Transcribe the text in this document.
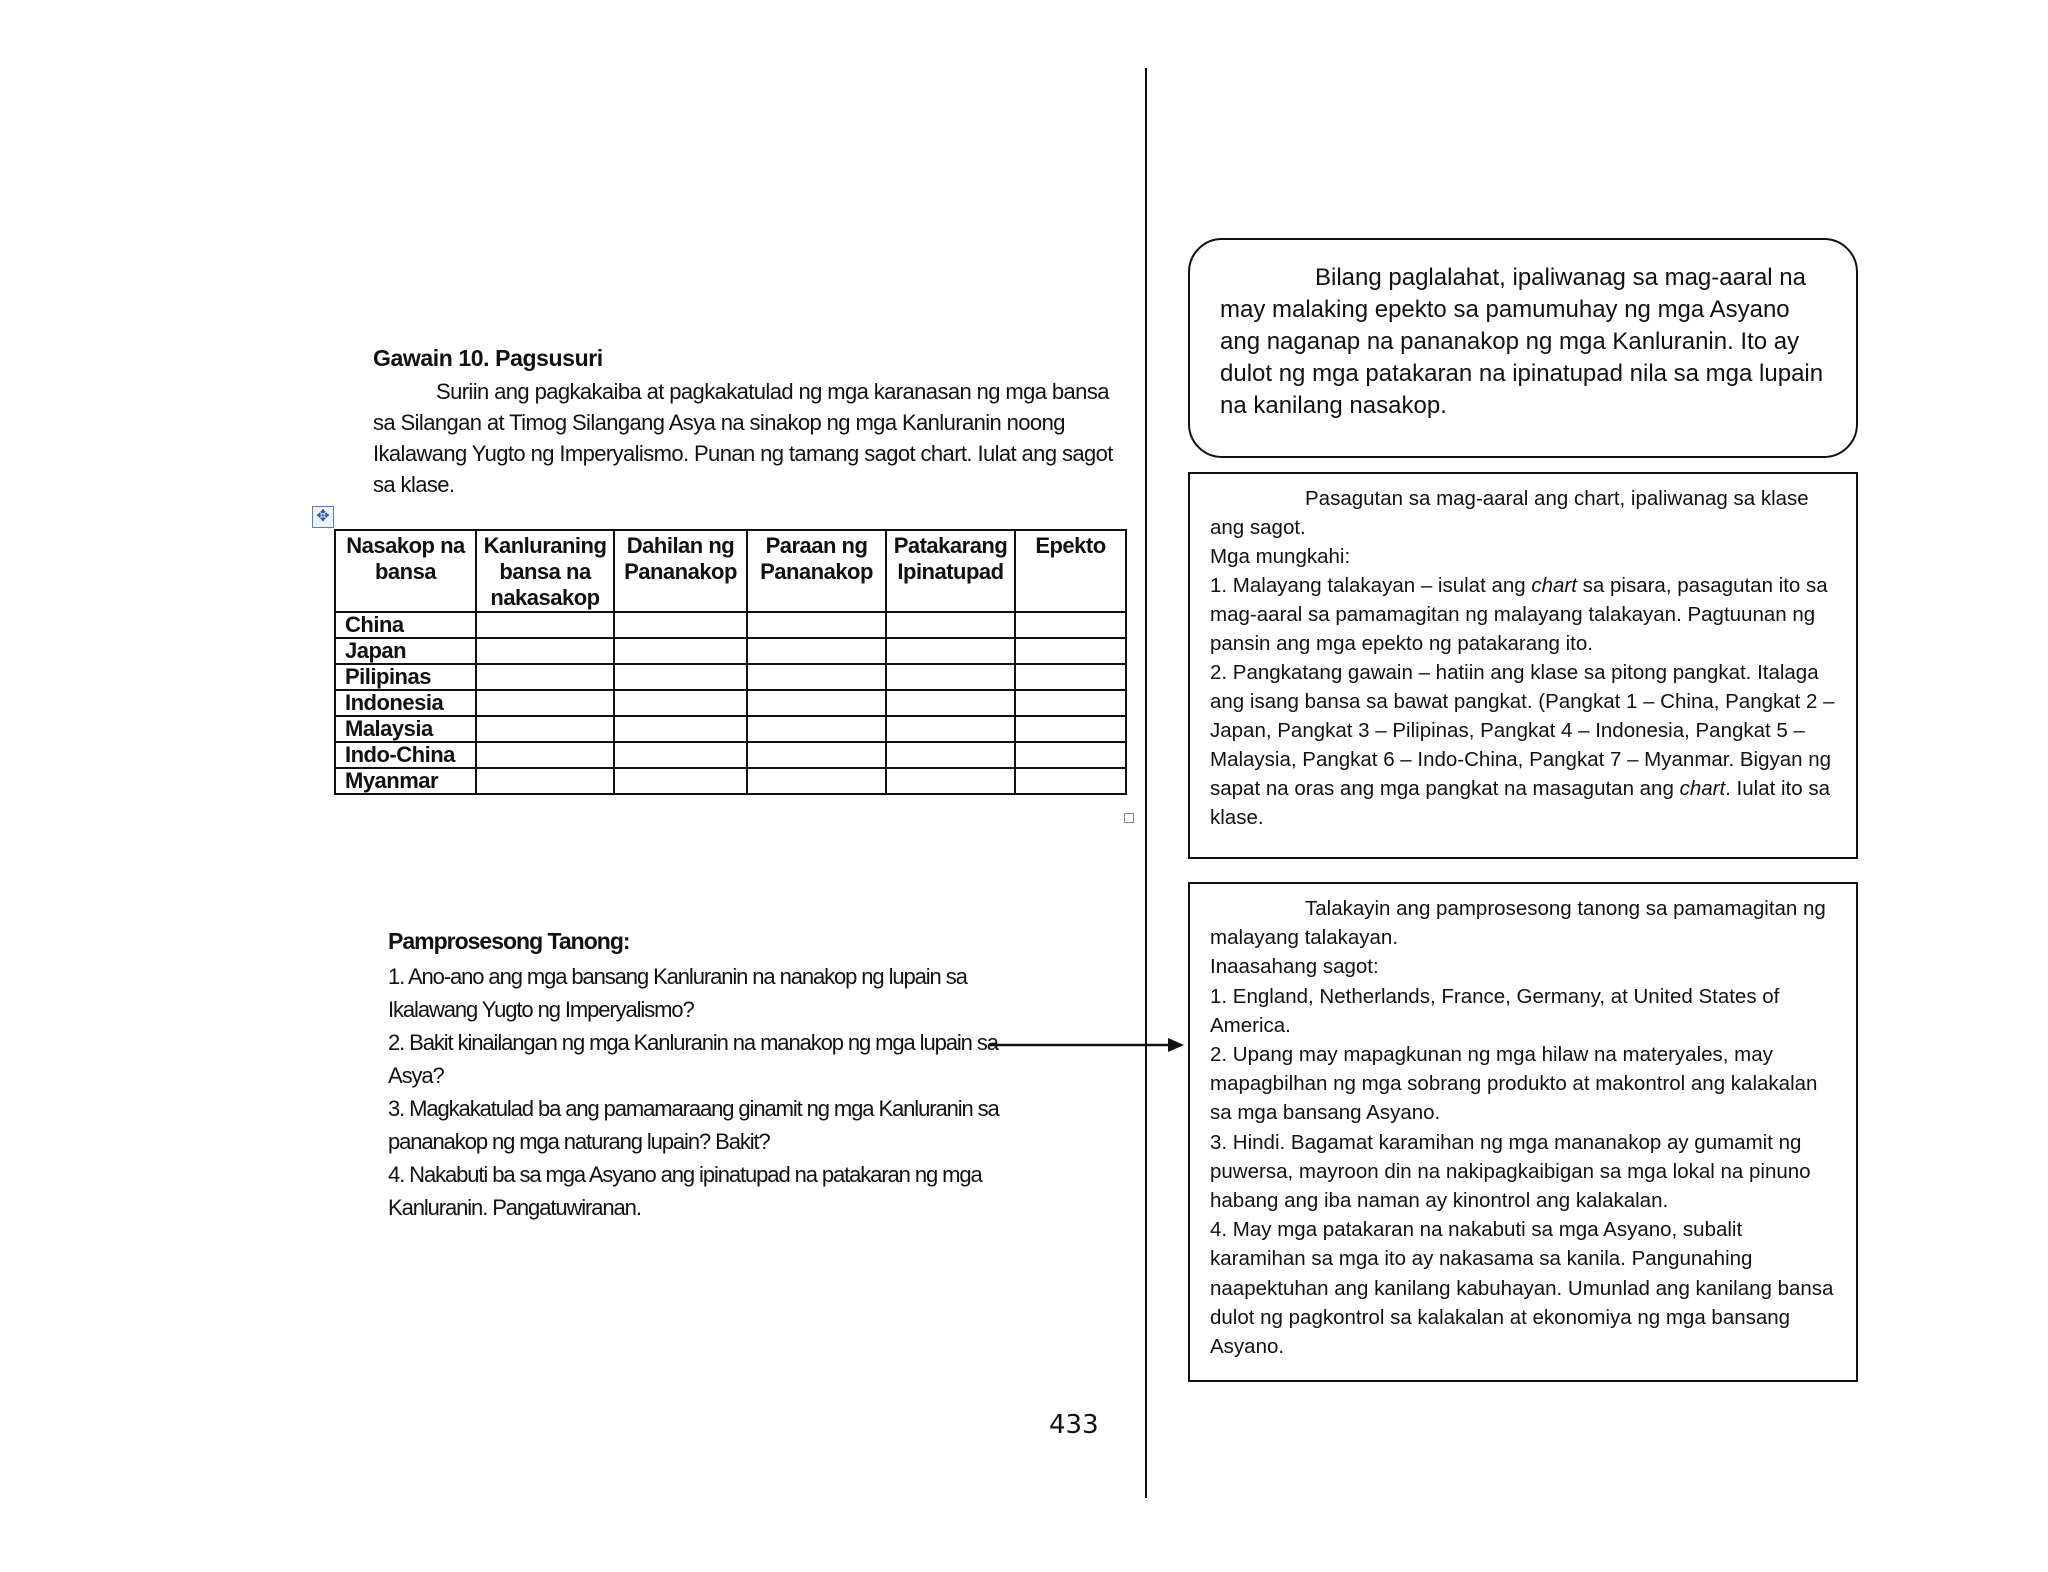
Gawain 10. Pagsusuri

Suriin ang pagkakaiba at pagkakatulad ng mga karanasan ng mga bansa sa Silangan at Timog Silangang Asya na sinakop ng mga Kanluranin noong Ikalawang Yugto ng Imperyalismo. Punan ng tamang sagot chart. Iulat ang sagot sa klase.

✥
Nasakop na bansa	Kanluraning bansa na nakasakop	Dahilan ng Pananakop	Paraan ng Pananakop	Patakarang Ipinatupad	Epekto
China					
Japan					
Pilipinas					
Indonesia					
Malaysia					
Indo-China					
Myanmar					
Pamprosesong Tanong:
1. Ano-ano ang mga bansang Kanluranin na nanakop ng lupain sa Ikalawang Yugto ng Imperyalismo?
2. Bakit kinailangan ng mga Kanluranin na manakop ng mga lupain sa Asya?
3. Magkakatulad ba ang pamamaraang ginamit ng mga Kanluranin sa pananakop ng mga naturang lupain? Bakit?
4. Nakabuti ba sa mga Asyano ang ipinatupad na patakaran ng mga Kanluranin. Pangatuwiranan.
433

Bilang paglalahat, ipaliwanag sa mag-aaral na may malaking epekto sa pamumuhay ng mga Asyano ang naganap na pananakop ng mga Kanluranin. Ito ay dulot ng mga patakaran na ipinatupad nila sa mga lupain na kanilang nasakop.

Pasagutan sa mag-aaral ang chart, ipaliwanag sa klase ang sagot.

Mga mungkahi:

1. Malayang talakayan – isulat ang chart sa pisara, pasagutan ito sa mag-aaral sa pamamagitan ng malayang talakayan. Pagtuunan ng pansin ang mga epekto ng patakarang ito.

2. Pangkatang gawain – hatiin ang klase sa pitong pangkat. Italaga ang isang bansa sa bawat pangkat. (Pangkat 1 – China, Pangkat 2 – Japan, Pangkat 3 – Pilipinas, Pangkat 4 – Indonesia, Pangkat 5 – Malaysia, Pangkat 6 – Indo-China, Pangkat 7 – Myanmar. Bigyan ng sapat na oras ang mga pangkat na masagutan ang chart. Iulat ito sa klase.

Talakayin ang pamprosesong tanong sa pamamagitan ng malayang talakayan.

Inaasahang sagot:

1. England, Netherlands, France, Germany, at United States of America.

2. Upang may mapagkunan ng mga hilaw na materyales, may mapagbilhan ng mga sobrang produkto at makontrol ang kalakalan sa mga bansang Asyano.

3. Hindi. Bagamat karamihan ng mga mananakop ay gumamit ng puwersa, mayroon din na nakipagkaibigan sa mga lokal na pinuno habang ang iba naman ay kinontrol ang kalakalan.

4. May mga patakaran na nakabuti sa mga Asyano, subalit karamihan sa mga ito ay nakasama sa kanila. Pangunahing naapektuhan ang kanilang kabuhayan. Umunlad ang kanilang bansa dulot ng pagkontrol sa kalakalan at ekonomiya ng mga bansang Asyano.
